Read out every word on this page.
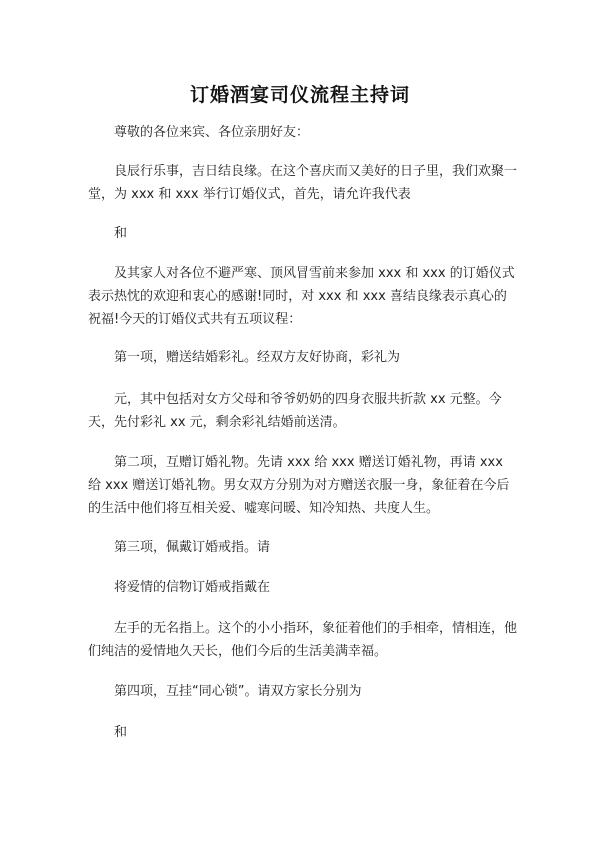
订婚酒宴司仪流程主持词

尊敬的各位来宾、各位亲朋好友：

良辰行乐事，吉日结良缘。在这个喜庆而又美好的日子里，我们欢聚一堂，为 xxx 和 xxx 举行订婚仪式，首先，请允许我代表

和

及其家人对各位不避严寒、顶风冒雪前来参加 xxx 和 xxx 的订婚仪式表示热忱的欢迎和衷心的感谢!同时，对 xxx 和 xxx 喜结良缘表示真心的祝福!今天的订婚仪式共有五项议程：

第一项，赠送结婚彩礼。经双方友好协商，彩礼为

元，其中包括对女方父母和爷爷奶奶的四身衣服共折款 xx 元整。今天，先付彩礼 xx 元，剩余彩礼结婚前送清。

第二项，互赠订婚礼物。先请 xxx 给 xxx 赠送订婚礼物，再请 xxx 给 xxx 赠送订婚礼物。男女双方分别为对方赠送衣服一身，象征着在今后的生活中他们将互相关爱、嘘寒问暖、知冷知热、共度人生。

第三项，佩戴订婚戒指。请

将爱情的信物订婚戒指戴在

左手的无名指上。这个的小小指环，象征着他们的手相牵，情相连，他们纯洁的爱情地久天长，他们今后的生活美满幸福。

第四项，互挂“同心锁”。请双方家长分别为

和
